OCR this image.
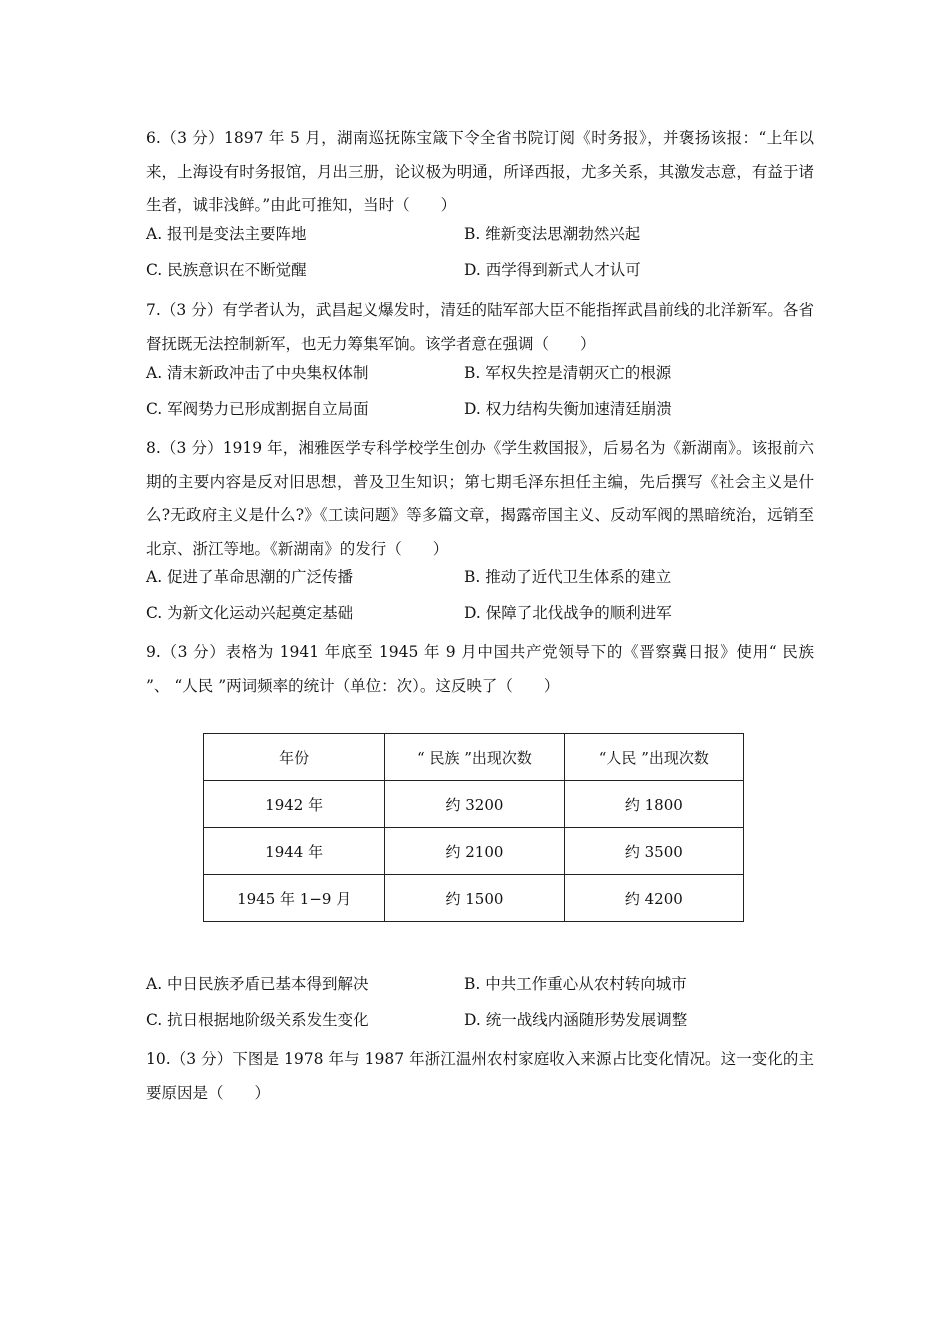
6.（3 分）1897 年 5 月，湖南巡抚陈宝箴下令全省书院订阅《时务报》，并褒扬该报：“上年以来，上海设有时务报馆，月出三册，论议极为明通，所译西报，尤多关系，其激发志意，有益于诸生者，诚非浅鲜。”由此可推知，当时（　　）
A. 报刊是变法主要阵地	B. 维新变法思潮勃然兴起
C. 民族意识在不断觉醒	D. 西学得到新式人才认可
7.（3 分）有学者认为，武昌起义爆发时，清廷的陆军部大臣不能指挥武昌前线的北洋新军。各省督抚既无法控制新军，也无力筹集军饷。该学者意在强调（　　）
A. 清末新政冲击了中央集权体制	B. 军权失控是清朝灭亡的根源
C. 军阀势力已形成割据自立局面	D. 权力结构失衡加速清廷崩溃
8.（3 分）1919 年，湘雅医学专科学校学生创办《学生救国报》，后易名为《新湖南》。该报前六期的主要内容是反对旧思想，普及卫生知识；第七期毛泽东担任主编，先后撰写《社会主义是什么?无政府主义是什么?》《工读问题》等多篇文章，揭露帝国主义、反动军阀的黑暗统治，远销至北京、浙江等地。《新湖南》的发行（　　）
A. 促进了革命思潮的广泛传播	B. 推动了近代卫生体系的建立
C. 为新文化运动兴起奠定基础	D. 保障了北伐战争的顺利进军
9.（3 分）表格为 1941 年底至 1945 年 9 月中国共产党领导下的《晋察冀日报》使用“ 民族 ”、 “人民 ”两词频率的统计（单位：次）。这反映了（　　）
年份	“ 民族 ”出现次数	“人民 ”出现次数
1942 年	约 3200	约 1800
1944 年	约 2100	约 3500
1945 年 1−9 月	约 1500	约 4200
A. 中日民族矛盾已基本得到解决	B. 中共工作重心从农村转向城市
C. 抗日根据地阶级关系发生变化	D. 统一战线内涵随形势发展调整
10.（3 分）下图是 1978 年与 1987 年浙江温州农村家庭收入来源占比变化情况。这一变化的主要原因是（　　）
